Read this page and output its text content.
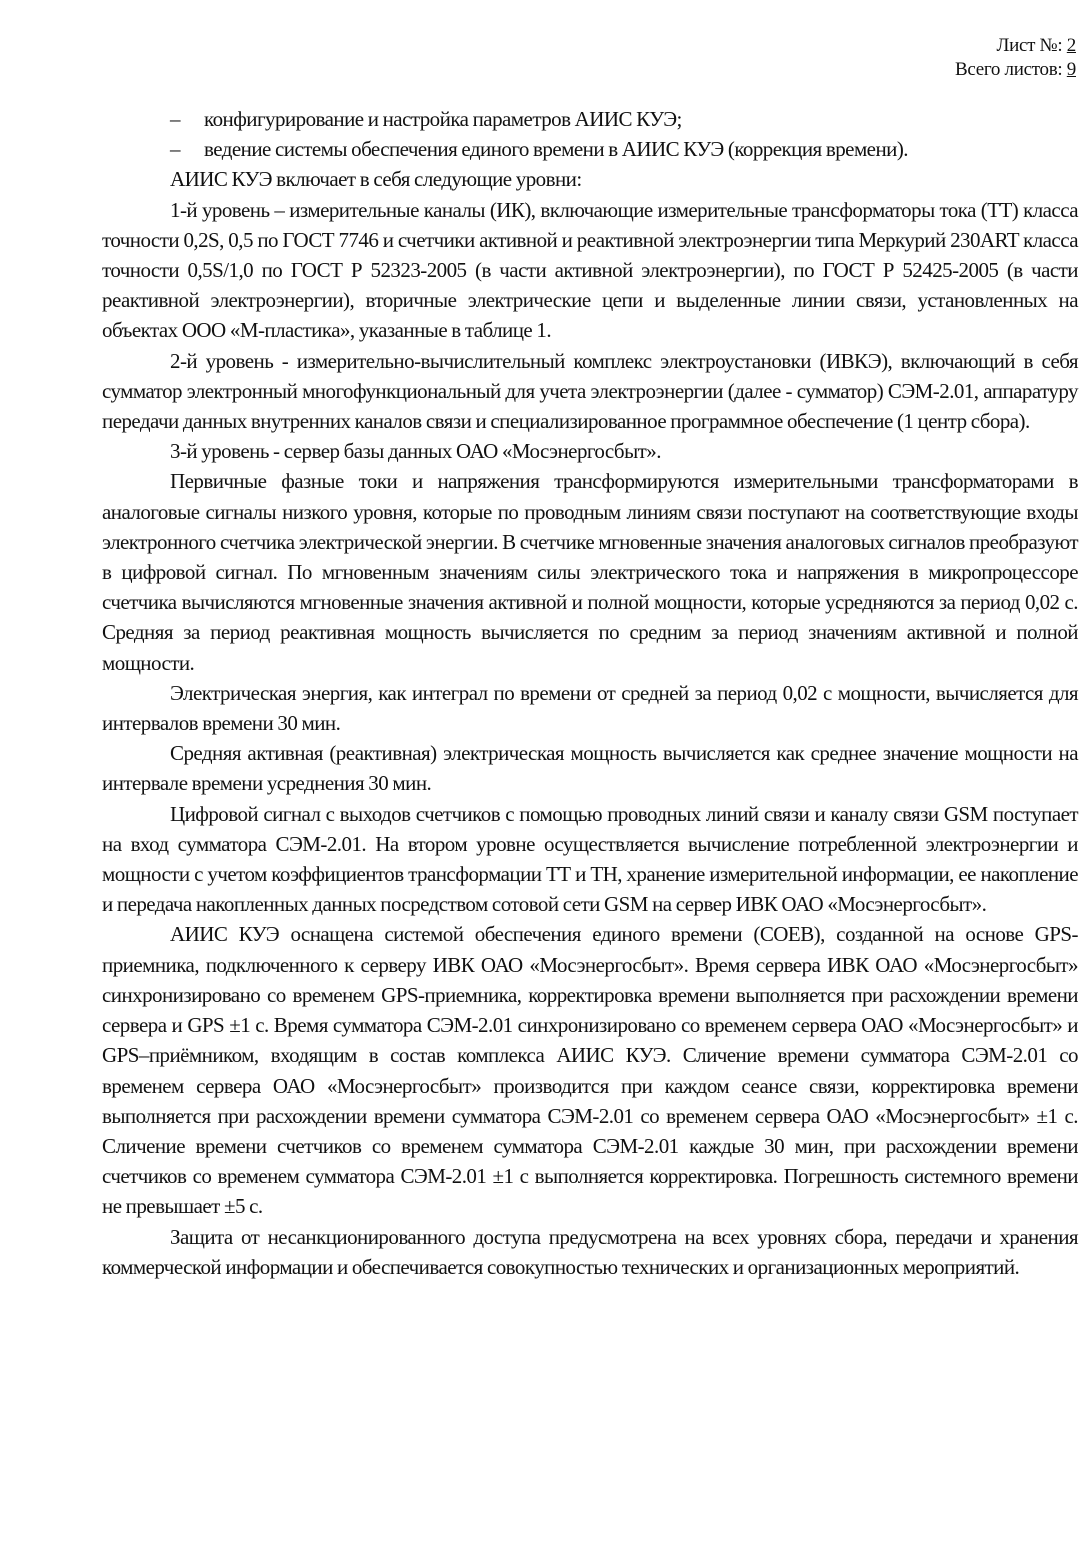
Лист №: 2
Всего листов: 9
–	конфигурирование и настройка параметров АИИС КУЭ;
–	ведение системы обеспечения единого времени в АИИС КУЭ (коррекция времени).

АИИС КУЭ включает в себя следующие уровни:

1-й уровень – измерительные каналы (ИК), включающие измерительные трансформаторы тока (ТТ) класса точности 0,2S, 0,5 по ГОСТ 7746 и счетчики активной и реактивной электроэнергии типа Меркурий 230ART класса точности 0,5S/1,0 по ГОСТ Р 52323-2005 (в части активной электроэнергии), по ГОСТ Р 52425-2005 (в части реактивной электроэнергии), вторичные электрические цепи и выделенные линии связи, установленных на объектах ООО «М-пластика», указанные в таблице 1.

2-й уровень - измерительно-вычислительный комплекс электроустановки (ИВКЭ), включающий в себя сумматор электронный многофункциональный для учета электроэнергии (далее - сумматор) СЭМ-2.01, аппаратуру передачи данных внутренних каналов связи и специализированное программное обеспечение (1 центр сбора).

3-й уровень - сервер базы данных ОАО «Мосэнергосбыт».

Первичные фазные токи и напряжения трансформируются измерительными трансформаторами в аналоговые сигналы низкого уровня, которые по проводным линиям связи поступают на соответствующие входы электронного счетчика электрической энергии. В счетчике мгновенные значения аналоговых сигналов преобразуют в цифровой сигнал. По мгновенным значениям силы электрического тока и напряжения в микропроцессоре счетчика вычисляются мгновенные значения активной и полной мощности, которые усредняются за период 0,02 с. Средняя за период реактивная мощность вычисляется по средним за период значениям активной и полной мощности.

Электрическая энергия, как интеграл по времени от средней за период 0,02 с мощности, вычисляется для интервалов времени 30 мин.

Средняя активная (реактивная) электрическая мощность вычисляется как среднее значение мощности на интервале времени усреднения 30 мин.

Цифровой сигнал с выходов счетчиков с помощью проводных линий связи и каналу связи GSM поступает на вход сумматора СЭМ-2.01. На втором уровне осуществляется вычисление потребленной электроэнергии и мощности с учетом коэффициентов трансформации ТТ и ТН, хранение измерительной информации, ее накопление и передача накопленных данных посредством сотовой сети GSM на сервер ИВК ОАО «Мосэнергосбыт».

АИИС КУЭ оснащена системой обеспечения единого времени (СОЕВ), созданной на основе GPS-приемника, подключенного к серверу ИВК ОАО «Мосэнергосбыт». Время сервера ИВК ОАО «Мосэнергосбыт» синхронизировано со временем GPS-приемника, корректировка времени выполняется при расхождении времени сервера и GPS ±1 с. Время сумматора СЭМ-2.01 синхронизировано со временем сервера ОАО «Мосэнергосбыт» и GPS–приёмником, входящим в состав комплекса АИИС КУЭ. Сличение времени сумматора СЭМ-2.01 со временем сервера ОАО «Мосэнергосбыт» производится при каждом сеансе связи, корректировка времени выполняется при расхождении времени сумматора СЭМ-2.01 со временем сервера ОАО «Мосэнергосбыт» ±1 с. Сличение времени счетчиков со временем сумматора СЭМ-2.01 каждые 30 мин, при расхождении времени счетчиков со временем сумматора СЭМ-2.01 ±1 с выполняется корректировка. Погрешность системного времени не превышает ±5 с.

Защита от несанкционированного доступа предусмотрена на всех уровнях сбора, передачи и хранения коммерческой информации и обеспечивается совокупностью технических и организационных мероприятий.
